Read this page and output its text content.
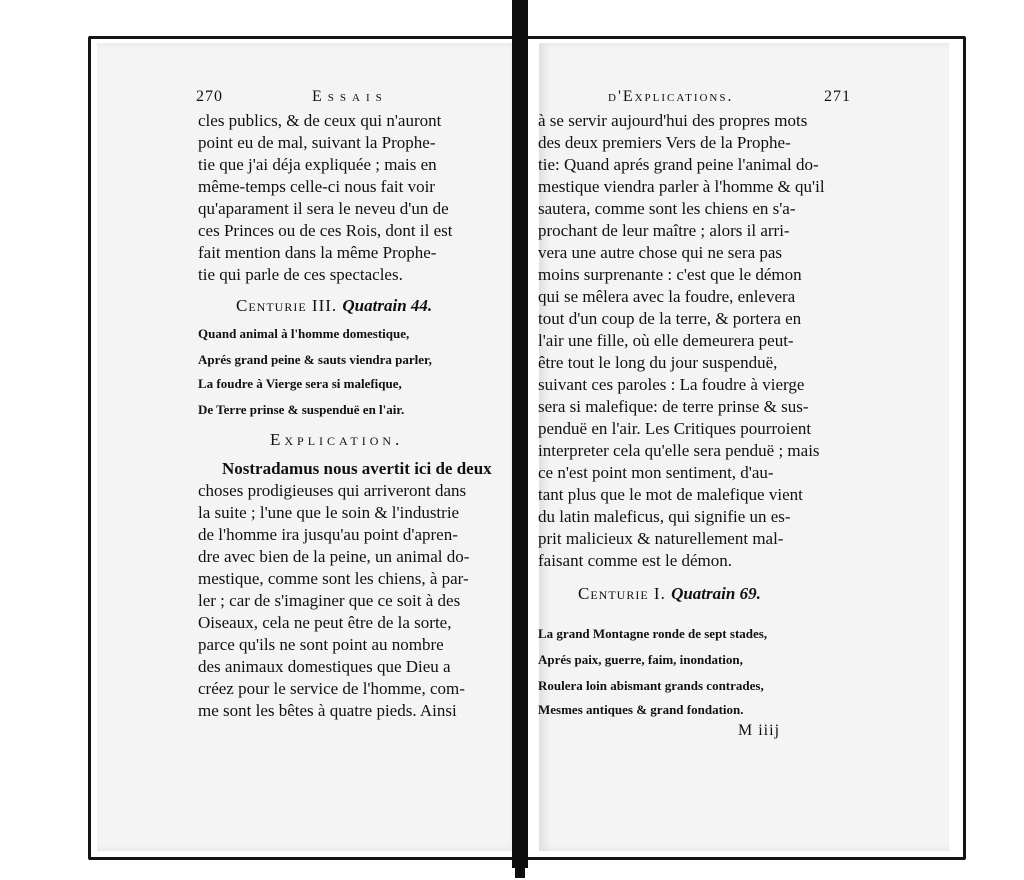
270	Essais
cles publics, & de ceux qui n'auront
point eu de mal, suivant la Prophe-
tie que j'ai déja expliquée ; mais en
même-temps celle-ci nous fait voir
qu'aparament il sera le neveu d'un de
ces Princes ou de ces Rois, dont il est
fait mention dans la même Prophe-
tie qui parle de ces spectacles.
Centurie III. Quatrain 44.
Quand animal à l'homme domestique,
Aprés grand peine & sauts viendra parler,
La foudre à Vierge sera si malefique,
De Terre prinse & suspenduë en l'air.
Explication.
Nostradamus nous avertit ici de deux
choses prodigieuses qui arriveront dans
la suite ; l'une que le soin & l'industrie
de l'homme ira jusqu'au point d'apren-
dre avec bien de la peine, un animal do-
mestique, comme sont les chiens, à par-
ler ; car de s'imaginer que ce soit à des
Oiseaux, cela ne peut être de la sorte,
parce qu'ils ne sont point au nombre
des animaux domestiques que Dieu a
créez pour le service de l'homme, com-
me sont les bêtes à quatre pieds. Ainsi
d'Explications.	271
à se servir aujourd'hui des propres mots
des deux premiers Vers de la Prophe-
tie: Quand aprés grand peine l'animal do-
mestique viendra parler à l'homme & qu'il
sautera, comme sont les chiens en s'a-
prochant de leur maître ; alors il arri-
vera une autre chose qui ne sera pas
moins surprenante : c'est que le démon
qui se mêlera avec la foudre, enlevera
tout d'un coup de la terre, & portera en
l'air une fille, où elle demeurera peut-
être tout le long du jour suspenduë,
suivant ces paroles : La foudre à vierge
sera si malefique: de terre prinse & sus-
penduë en l'air. Les Critiques pourroient
interpreter cela qu'elle sera penduë ; mais
ce n'est point mon sentiment, d'au-
tant plus que le mot de malefique vient
du latin maleficus, qui signifie un es-
prit malicieux & naturellement mal-
faisant comme est le démon.
Centurie I. Quatrain 69.
La grand Montagne ronde de sept stades,
Aprés paix, guerre, faim, inondation,
Roulera loin abismant grands contrades,
Mesmes antiques & grand fondation.
M iiij
